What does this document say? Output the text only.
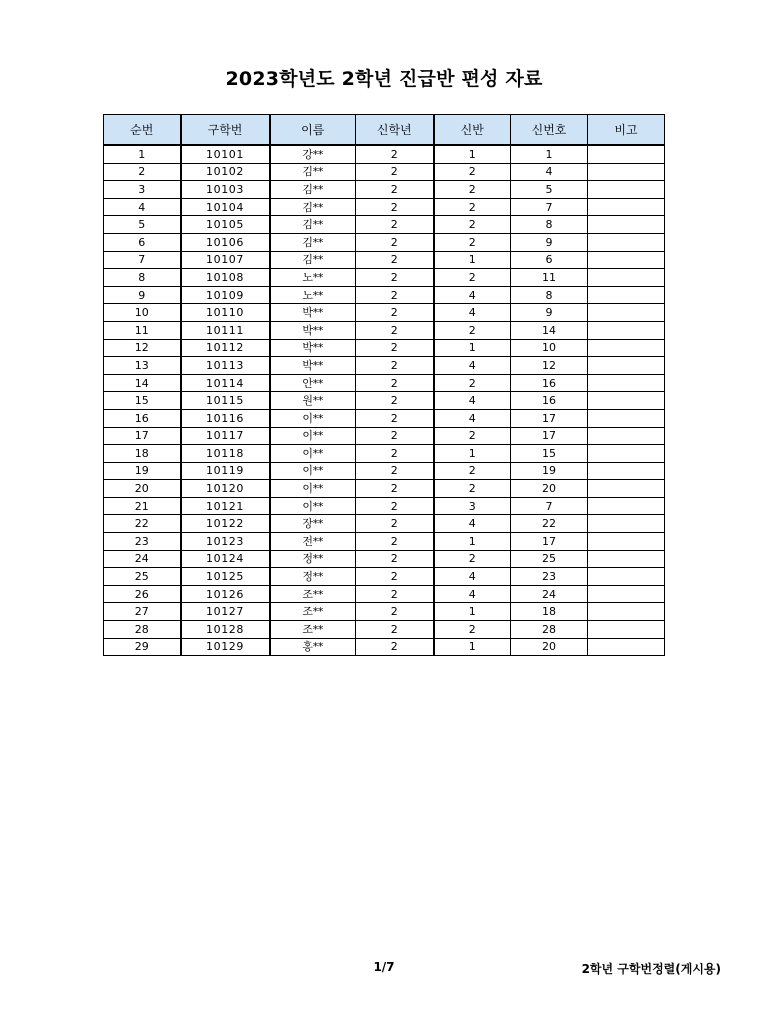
2023학년도 2학년 진급반 편성 자료
순번	구학번	이름	신학년	신반	신번호	비고
1	10101	강**	2	1	1	
2	10102	김**	2	2	4	
3	10103	김**	2	2	5	
4	10104	김**	2	2	7	
5	10105	김**	2	2	8	
6	10106	김**	2	2	9	
7	10107	김**	2	1	6	
8	10108	노**	2	2	11	
9	10109	노**	2	4	8	
10	10110	박**	2	4	9	
11	10111	박**	2	2	14	
12	10112	박**	2	1	10	
13	10113	박**	2	4	12	
14	10114	안**	2	2	16	
15	10115	원**	2	4	16	
16	10116	이**	2	4	17	
17	10117	이**	2	2	17	
18	10118	이**	2	1	15	
19	10119	이**	2	2	19	
20	10120	이**	2	2	20	
21	10121	이**	2	3	7	
22	10122	장**	2	4	22	
23	10123	전**	2	1	17	
24	10124	정**	2	2	25	
25	10125	정**	2	4	23	
26	10126	조**	2	4	24	
27	10127	조**	2	1	18	
28	10128	조**	2	2	28	
29	10129	홍**	2	1	20	
1/7	2학년 구학번정렬(게시용)
